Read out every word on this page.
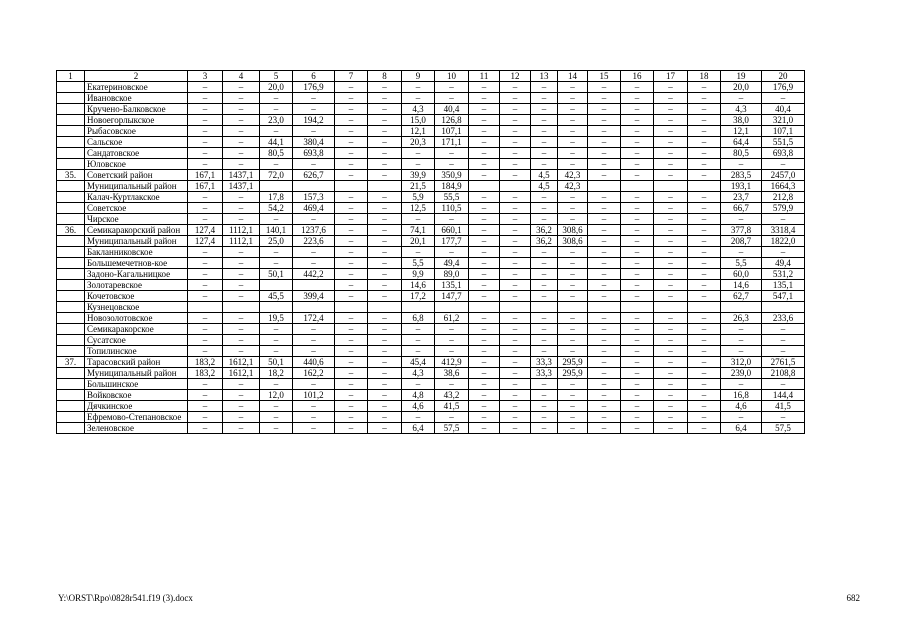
1	2	3	4	5	6	7	8	9	10	11	12	13	14	15	16	17	18	19	20
	Екатериновское	–	–	20,0	176,9	–	–	–	–	–	–	–	–	–	–	–	–	20,0	176,9
	Ивановское	–	–	–	–	–	–	–	–	–	–	–	–	–	–	–	–	–	–
	Кручено-Балковское	–	–	–	–	–	–	4,3	40,4	–	–	–	–	–	–	–	–	4,3	40,4
	Новоегорлыкское	–	–	23,0	194,2	–	–	15,0	126,8	–	–	–	–	–	–	–	–	38,0	321,0
	Рыбасовское	–	–	–	–	–	–	12,1	107,1	–	–	–	–	–	–	–	–	12,1	107,1
	Сальское	–	–	44,1	380,4	–	–	20,3	171,1	–	–	–	–	–	–	–	–	64,4	551,5
	Сандатовское	–	–	80,5	693,8	–	–	–	–	–	–	–	–	–	–	–	–	80,5	693,8
	Юловское	–	–	–	–	–	–	–	–	–	–	–	–	–	–	–	–	–	–
35.	Советский район	167,1	1437,1	72,0	626,7	–	–	39,9	350,9	–	–	4,5	42,3	–	–	–	–	283,5	2457,0
	Муниципальный район	167,1	1437,1					21,5	184,9			4,5	42,3					193,1	1664,3
	Калач-Куртлакское	–	–	17,8	157,3	–	–	5,9	55,5	–	–	–	–	–	–	–	–	23,7	212,8
	Советское	–	–	54,2	469,4	–	–	12,5	110,5	–	–	–	–	–	–	–	–	66,7	579,9
	Чирское	–	–	–	–	–	–	–	–	–	–	–	–	–	–	–	–	–	–
36.	Семикаракорский район	127,4	1112,1	140,1	1237,6	–	–	74,1	660,1	–	–	36,2	308,6	–	–	–	–	377,8	3318,4
	Муниципальный район	127,4	1112,1	25,0	223,6	–	–	20,1	177,7	–	–	36,2	308,6	–	–	–	–	208,7	1822,0
	Бакланниковское	–	–	–	–	–	–	–	–	–	–	–	–	–	–	–	–	–	–
	Большемечетнов-кое	–	–	–	–	–	–	5,5	49,4	–	–	–	–	–	–	–	–	5,5	49,4
	Задоно-Кагальницкое	–	–	50,1	442,2	–	–	9,9	89,0	–	–	–	–	–	–	–	–	60,0	531,2
	Золотаревское	–	–			–	–	14,6	135,1	–	–	–	–	–	–	–	–	14,6	135,1
	Кочетовское	–	–	45,5	399,4	–	–	17,2	147,7	–	–	–	–	–	–	–	–	62,7	547,1
	Кузнецовское																		
	Новозолотовское	–	–	19,5	172,4	–	–	6,8	61,2	–	–	–	–	–	–	–	–	26,3	233,6
	Семикаракорское	–	–	–	–	–	–	–	–	–	–	–	–	–	–	–	–	–	–
	Сусатское	–	–	–	–	–	–	–	–	–	–	–	–	–	–	–	–	–	–
	Топилинское	–	–	–	–	–	–	–	–	–	–	–	–	–	–	–	–	–	–
37.	Тарасовский район	183,2	1612,1	50,1	440,6	–	–	45,4	412,9	–	–	33,3	295,9	–	–	–	–	312,0	2761,5
	Муниципальный район	183,2	1612,1	18,2	162,2	–	–	4,3	38,6	–	–	33,3	295,9	–	–	–	–	239,0	2108,8
	Большинское	–	–	–	–	–	–	–	–	–	–	–	–	–	–	–	–	–	–
	Войковское	–	–	12,0	101,2	–	–	4,8	43,2	–	–	–	–	–	–	–	–	16,8	144,4
	Дячкинское	–	–	–	–	–	–	4,6	41,5	–	–	–	–	–	–	–	–	4,6	41,5
	Ефремово-Степановское	–	–	–	–	–	–	–	–	–	–	–	–	–	–	–	–	–	–
	Зеленовское	–	–	–	–	–	–	6,4	57,5	–	–	–	–	–	–	–	–	6,4	57,5
Y:\ORST\Rpo\0828r541.f19 (3).docx	682
